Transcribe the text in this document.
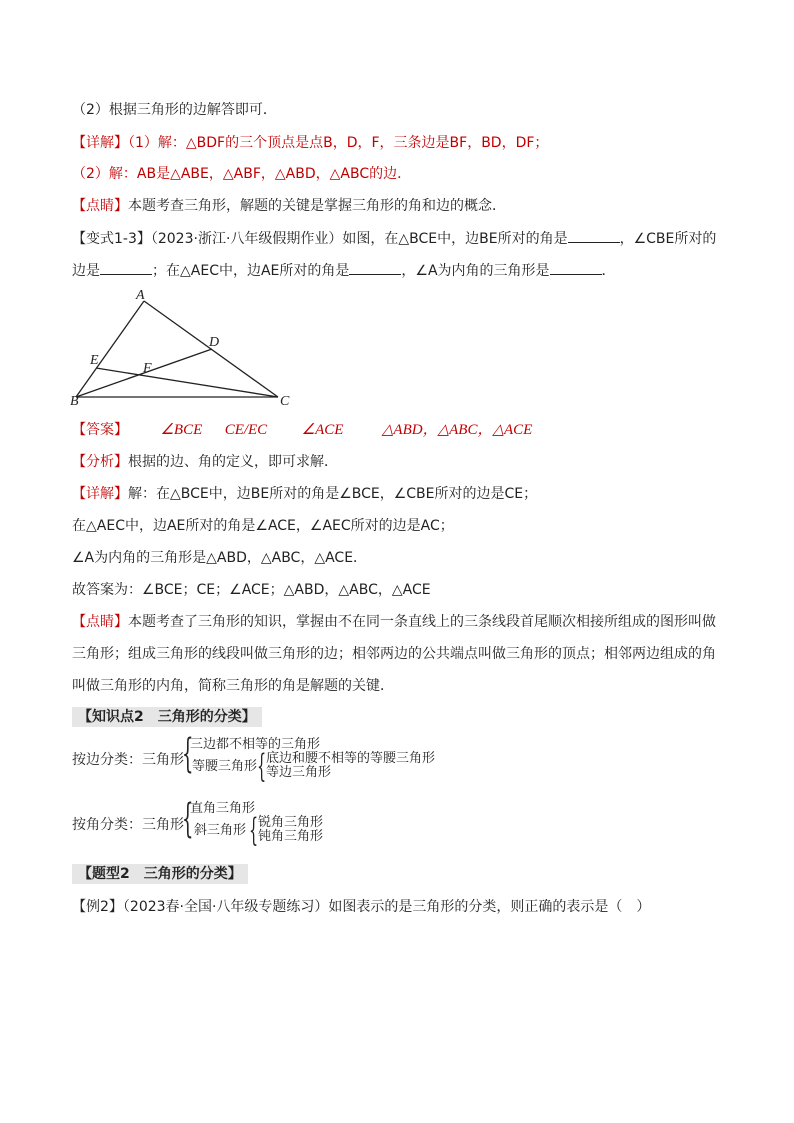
（2）根据三角形的边解答即可．
【详解】（1）解：△BDF的三个顶点是点B，D，F，三条边是BF，BD，DF；
（2）解：AB是△ABE，△ABF，△ABD，△ABC的边．
【点睛】本题考查三角形，解题的关键是掌握三角形的角和边的概念．
【变式1-3】（2023·浙江·八年级假期作业）如图，在△BCE中，边BE所对的角是	，∠CBE所对的
边是	；在△AEC中，边AE所对的角是	，∠A为内角的三角形是	．
A
B	C
D
E
F
【答案】 ∠BCE CE/EC ∠ACE	△ABD，△ABC，△ACE
【分析】根据的边、角的定义，即可求解．
【详解】解：在△BCE中，边BE所对的角是∠BCE，∠CBE所对的边是CE；
在△AEC中，边AE所对的角是∠ACE，∠AEC所对的边是AC；
∠A为内角的三角形是△ABD，△ABC，△ACE．
故答案为：∠BCE；CE；∠ACE；△ABD，△ABC，△ACE
【点睛】本题考查了三角形的知识，掌握由不在同一条直线上的三条线段首尾顺次相接所组成的图形叫做
三角形；组成三角形的线段叫做三角形的边；相邻两边的公共端点叫做三角形的顶点；相邻两边组成的角
叫做三角形的内角，简称三角形的角是解题的关键．
【知识点2　三角形的分类】
按边分类：三角形
{
三边都不相等的三角形
等腰三角形 { 底边和腰不相等的等腰三角形
等边三角形
按角分类：三角形
{
直角三角形
斜三角形 { 锐角三角形
钝角三角形
【题型2　三角形的分类】
【例2】（2023春·全国·八年级专题练习）如图表示的是三角形的分类，则正确的表示是（　）
